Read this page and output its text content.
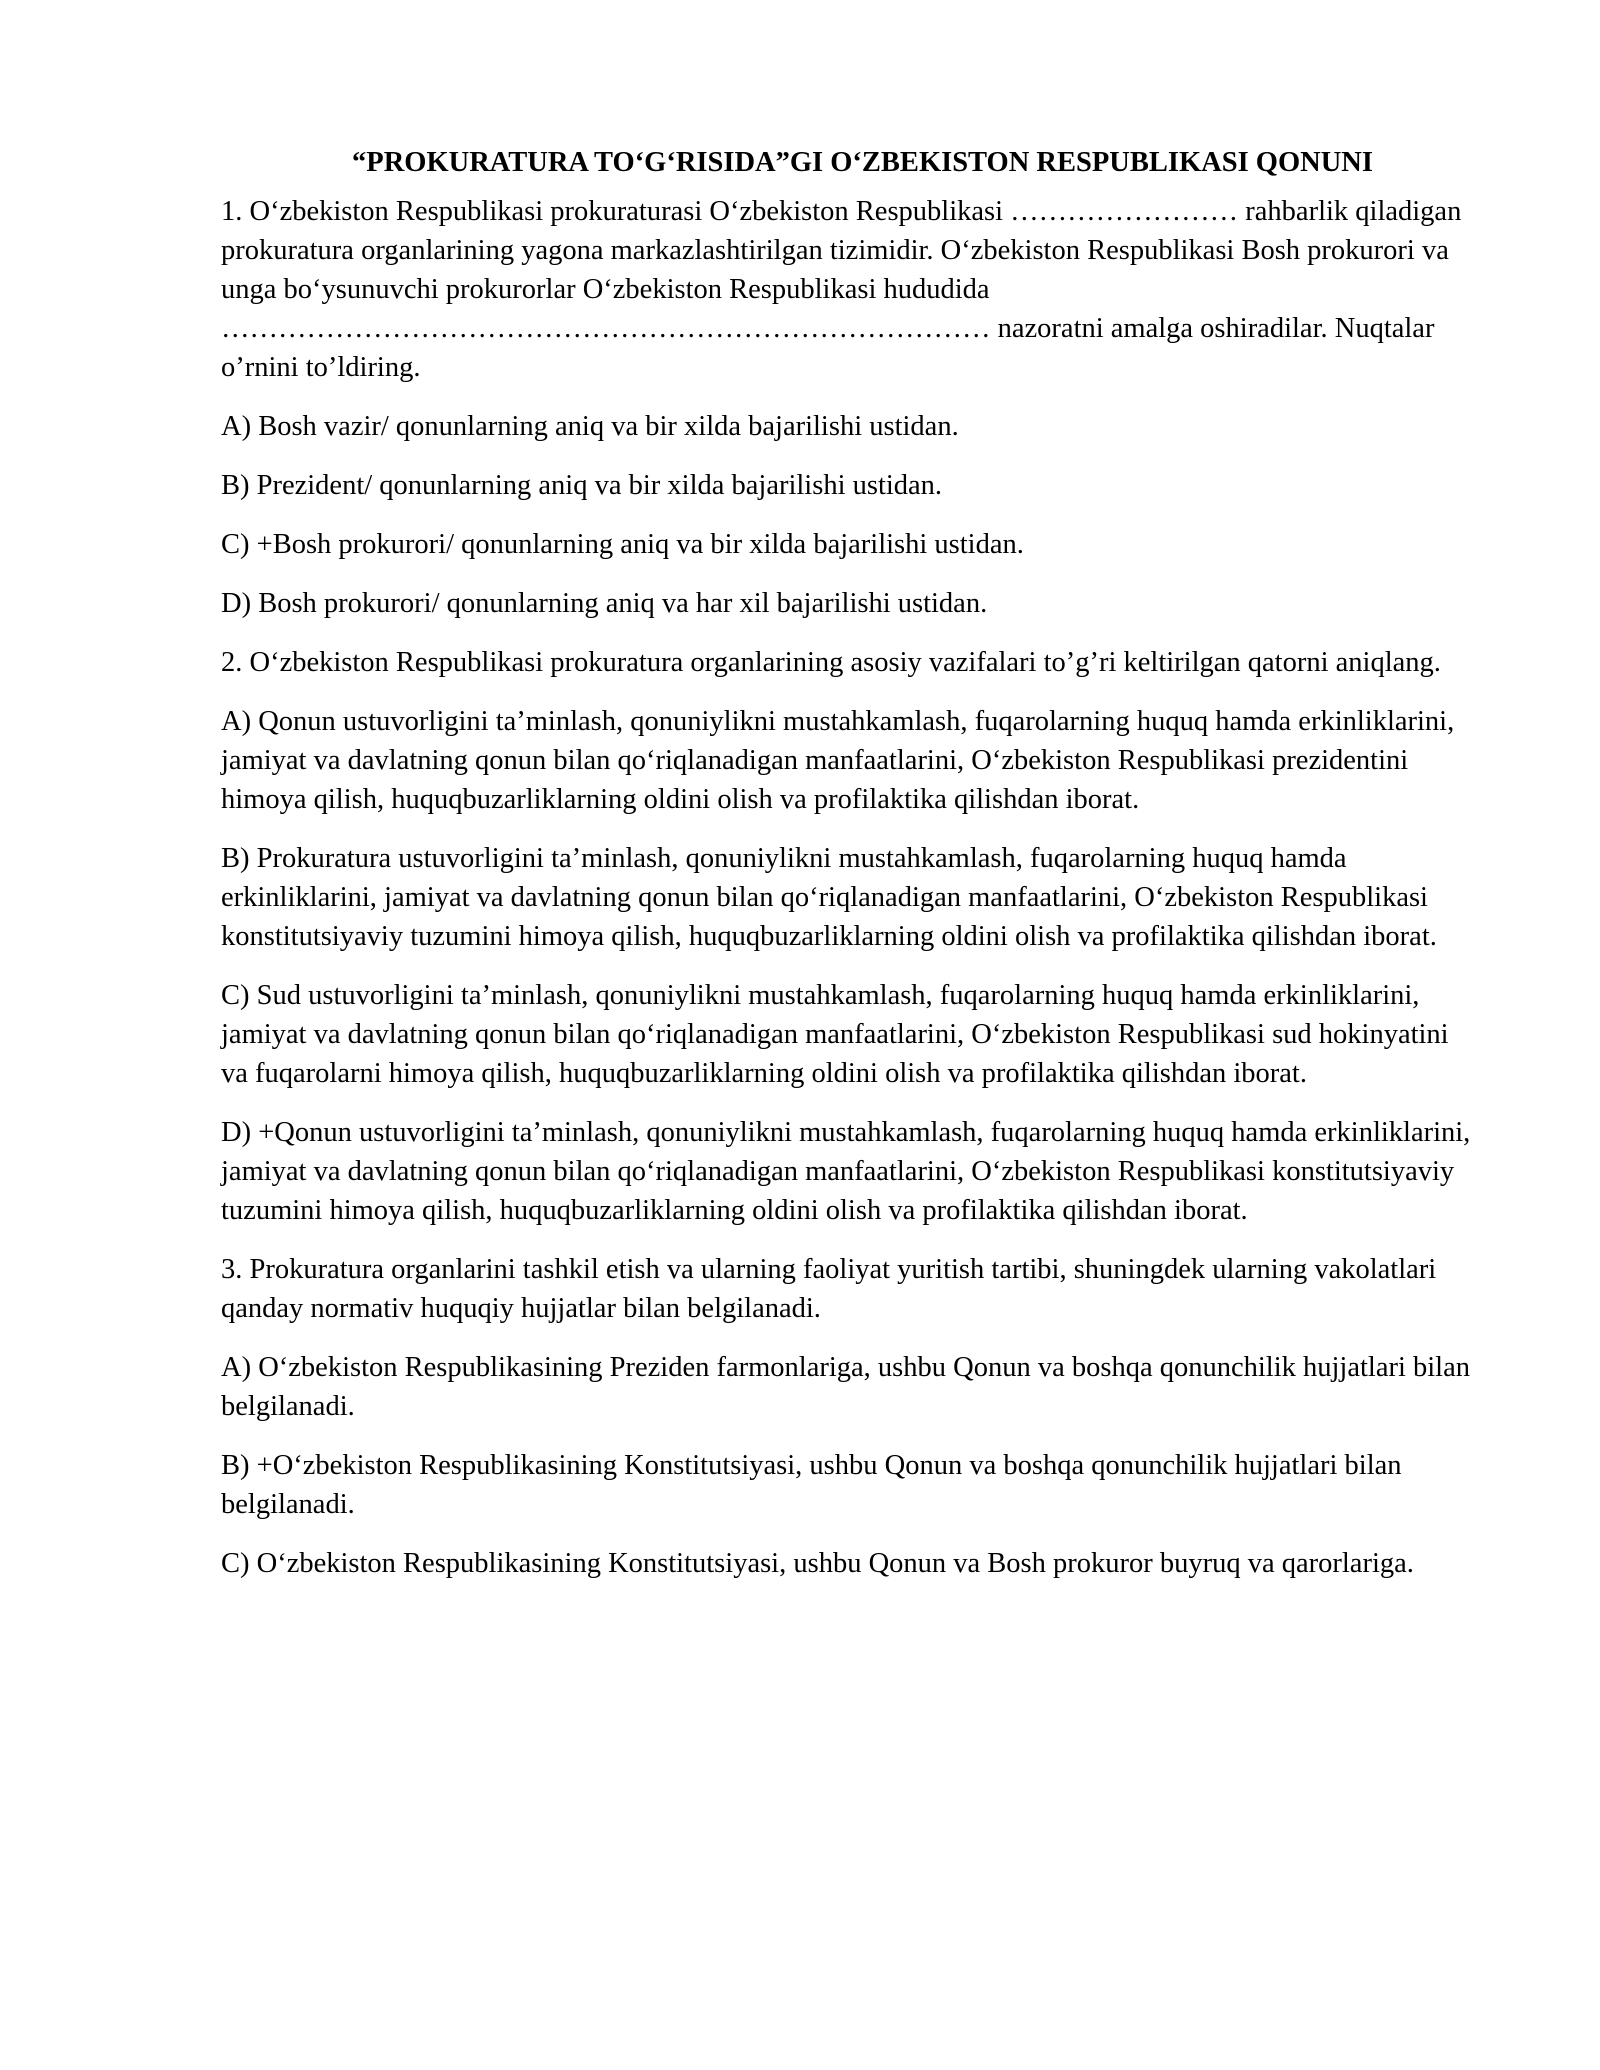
“PROKURATURA TO‘G‘RISIDA”GI O‘ZBEKISTON RESPUBLIKASI QONUNI
1. O‘zbekiston Respublikasi prokuraturasi O‘zbekiston Respublikasi …………………… rahbarlik qiladigan prokuratura organlarining yagona markazlashtirilgan tizimidir. O‘zbekiston Respublikasi Bosh prokurori va unga bo‘ysunuvchi prokurorlar O‘zbekiston Respublikasi hududida ……………………………………………………………………… nazoratni amalga oshiradilar. Nuqtalar o’rnini to’ldiring.
A) Bosh vazir/ qonunlarning aniq va bir xilda bajarilishi ustidan.
B) Prezident/ qonunlarning aniq va bir xilda bajarilishi ustidan.
C) +Bosh prokurori/ qonunlarning aniq va bir xilda bajarilishi ustidan.
D) Bosh prokurori/ qonunlarning aniq va har xil bajarilishi ustidan.
2. O‘zbekiston Respublikasi prokuratura organlarining asosiy vazifalari to’g’ri keltirilgan qatorni aniqlang.
A) Qonun ustuvorligini ta’minlash, qonuniylikni mustahkamlash, fuqarolarning huquq hamda erkinliklarini, jamiyat va davlatning qonun bilan qo‘riqlanadigan manfaatlarini, O‘zbekiston Respublikasi prezidentini himoya qilish, huquqbuzarliklarning oldini olish va profilaktika qilishdan iborat.
B) Prokuratura ustuvorligini ta’minlash, qonuniylikni mustahkamlash, fuqarolarning huquq hamda erkinliklarini, jamiyat va davlatning qonun bilan qo‘riqlanadigan manfaatlarini, O‘zbekiston Respublikasi konstitutsiyaviy tuzumini himoya qilish, huquqbuzarliklarning oldini olish va profilaktika qilishdan iborat.
C) Sud ustuvorligini ta’minlash, qonuniylikni mustahkamlash, fuqarolarning huquq hamda erkinliklarini, jamiyat va davlatning qonun bilan qo‘riqlanadigan manfaatlarini, O‘zbekiston Respublikasi sud hokinyatini va fuqarolarni himoya qilish, huquqbuzarliklarning oldini olish va profilaktika qilishdan iborat.
D) +Qonun ustuvorligini ta’minlash, qonuniylikni mustahkamlash, fuqarolarning huquq hamda erkinliklarini, jamiyat va davlatning qonun bilan qo‘riqlanadigan manfaatlarini, O‘zbekiston Respublikasi konstitutsiyaviy tuzumini himoya qilish, huquqbuzarliklarning oldini olish va profilaktika qilishdan iborat.
3. Prokuratura organlarini tashkil etish va ularning faoliyat yuritish tartibi, shuningdek ularning vakolatlari qanday normativ huquqiy hujjatlar bilan belgilanadi.
A) O‘zbekiston Respublikasining Preziden farmonlariga, ushbu Qonun va boshqa qonunchilik hujjatlari bilan belgilanadi.
B) +O‘zbekiston Respublikasining Konstitutsiyasi, ushbu Qonun va boshqa qonunchilik hujjatlari bilan belgilanadi.
C) O‘zbekiston Respublikasining Konstitutsiyasi, ushbu Qonun va Bosh prokuror buyruq va qarorlariga.
